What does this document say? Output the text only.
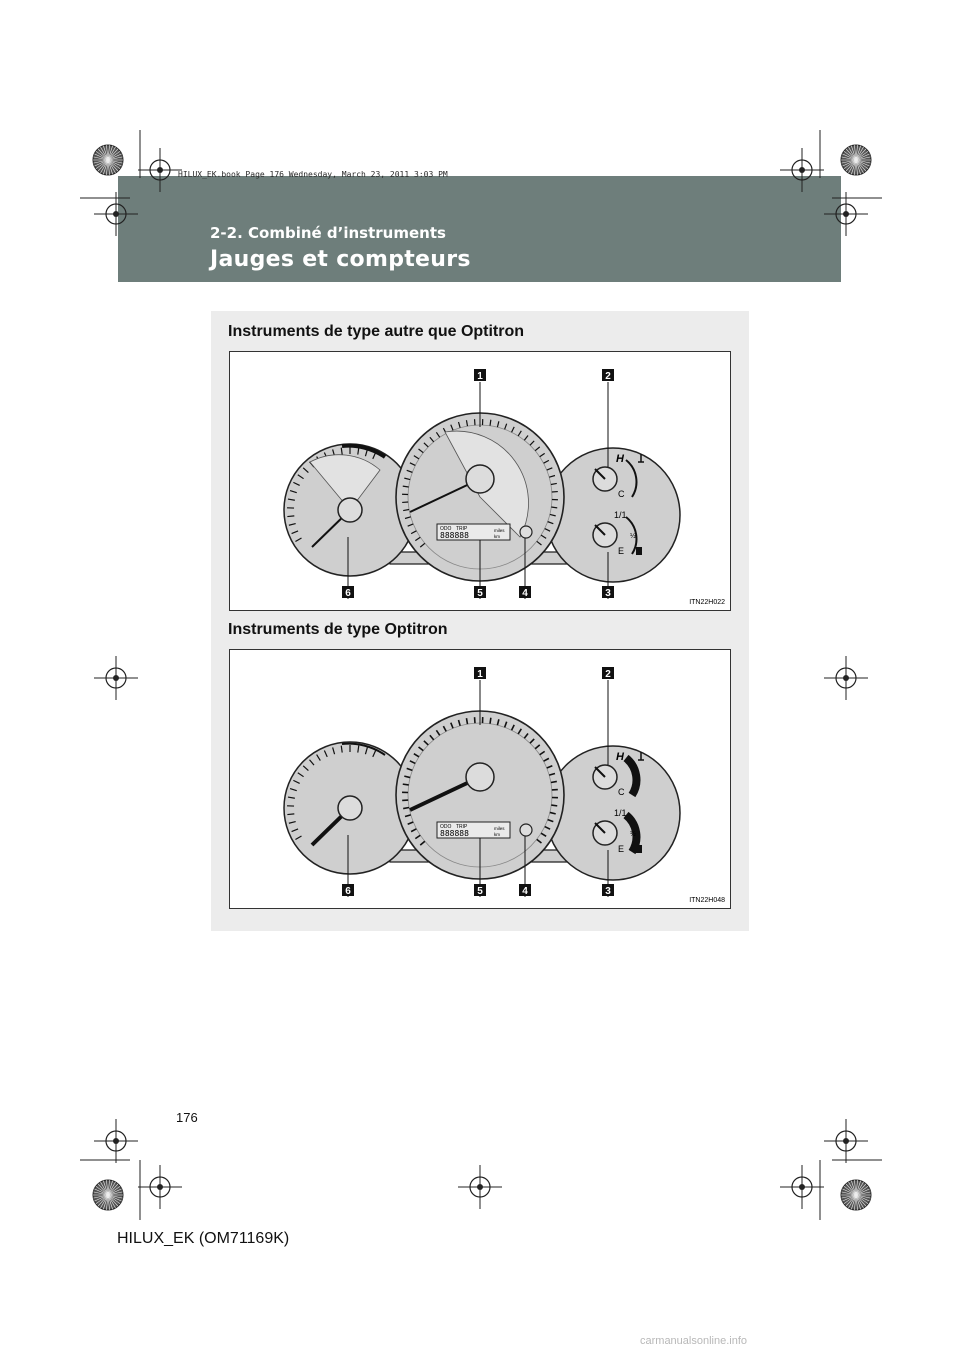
HILUX_EK.book Page 176 Wednesday, March 23, 2011 3:03 PM
2-2. Combiné d’instruments
Jauges et compteurs
Instruments de type autre que Optitron
H
C
1/1
½
E
ODO TRIP
888888
miles
km
1	2
3
4
5
6
ITN22H022
Instruments de type Optitron
H
C
1/1
½
E
ODO TRIP
888888
miles
km
1	2
3
4
5
6
ITN22H048
176
HILUX_EK (OM71169K)
carmanualsonline.info
